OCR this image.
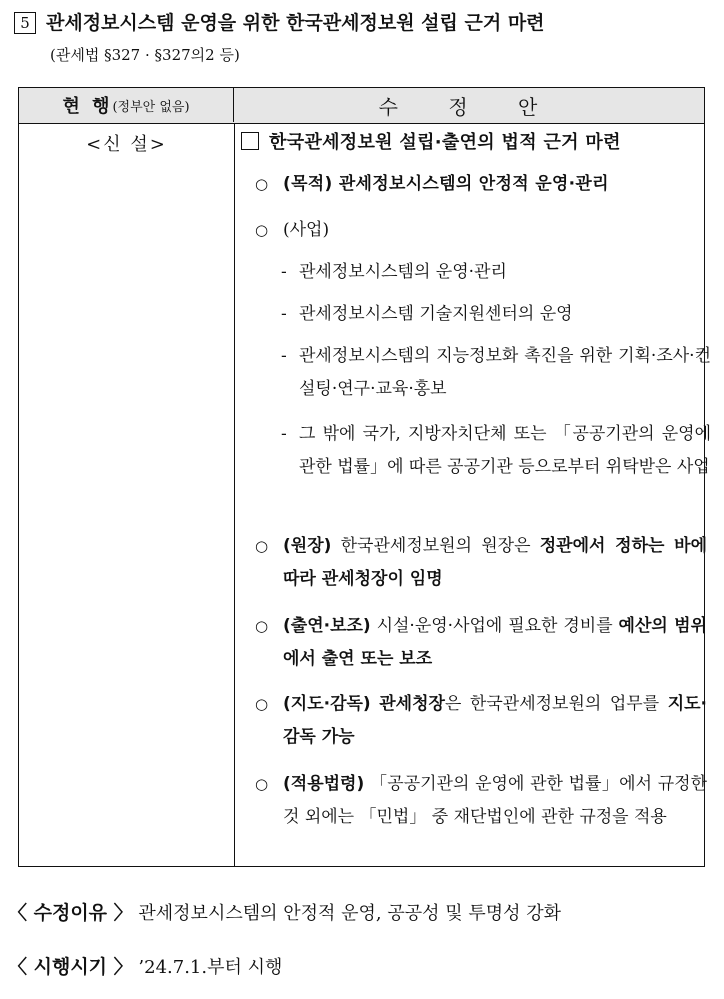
5 관세정보시스템 운영을 위한 한국관세정보원 설립 근거 마련
(관세법 §327 · §327의2 등)
현 행 (정부안 없음)	수 정 안
<신 설>	한국관세정보원 설립·출연의 법적 근거 마련
○ (목적) 관세정보시스템의 안정적 운영·관리
○ (사업)
- 관세정보시스템의 운영·관리
- 관세정보시스템 기술지원센터의 운영
- 관세정보시스템의 지능정보화 촉진을 위한 기획·조사·컨설팅·연구·교육·홍보
- 그 밖에 국가, 지방자치단체 또는 「공공기관의 운영에 관한 법률」에 따른 공공기관 등으로부터 위탁받은 사업
○ (원장) 한국관세정보원의 원장은 정관에서 정하는 바에 따라 관세청장이 임명
○ (출연·보조) 시설·운영·사업에 필요한 경비를 예산의 범위에서 출연 또는 보조
○ (지도·감독) 관세청장은 한국관세정보원의 업무를 지도·감독 가능
○ (적용법령) 「공공기관의 운영에 관한 법률」에서 규정한 것 외에는 「민법」 중 재단법인에 관한 규정을 적용
〈 수정이유 〉 관세정보시스템의 안정적 운영, 공공성 및 투명성 강화
〈 시행시기 〉 ’24.7.1.부터 시행
